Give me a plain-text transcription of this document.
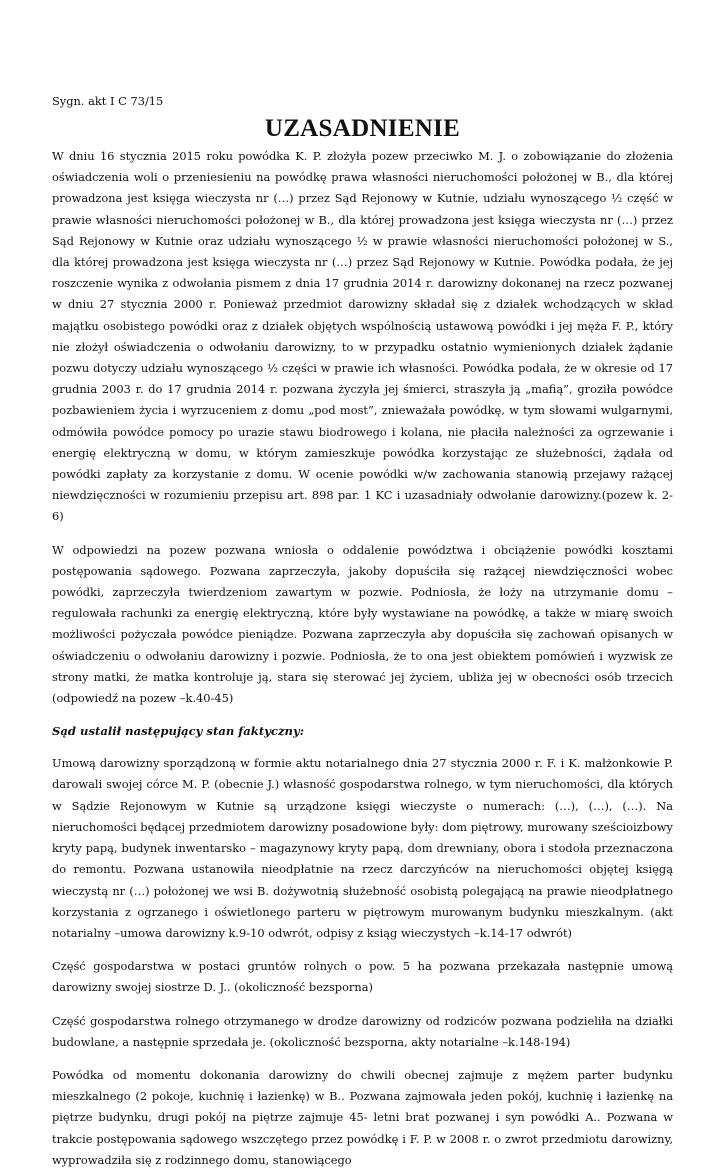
Sygn. akt I C 73/15

UZASADNIENIE

W dniu 16 stycznia 2015 roku powódka K. P. złożyła pozew przeciwko M. J. o zobowiązanie do złożenia oświadczenia woli o przeniesieniu na powódkę prawa własności nieruchomości położonej w B., dla której prowadzona jest księga wieczysta nr (…) przez Sąd Rejonowy w Kutnie, udziału wynoszącego ½ część w prawie własności nieruchomości położonej w B., dla której prowadzona jest księga wieczysta nr (…) przez Sąd Rejonowy w Kutnie oraz udziału wynoszącego ½ w prawie własności nieruchomości położonej w S., dla której prowadzona jest księga wieczysta nr (…) przez Sąd Rejonowy w Kutnie. Powódka podała, że jej roszczenie wynika z odwołania pismem z dnia 17 grudnia 2014 r. darowizny dokonanej na rzecz pozwanej w dniu 27 stycznia 2000 r. Ponieważ przedmiot darowizny składał się z działek wchodzących w skład majątku osobistego powódki oraz z działek objętych wspólnością ustawową powódki i jej męża F. P., który nie złożył oświadczenia o odwołaniu darowizny, to w przypadku ostatnio wymienionych działek żądanie pozwu dotyczy udziału wynoszącego ½ części w prawie ich własności. Powódka podała, że w okresie od 17 grudnia 2003 r. do 17 grudnia 2014 r. pozwana życzyła jej śmierci, straszyła ją „mafią”, groziła powódce pozbawieniem życia i wyrzuceniem z domu „pod most”, znieważała powódkę, w tym słowami wulgarnymi, odmówiła powódce pomocy po urazie stawu biodrowego i kolana, nie płaciła należności za ogrzewanie i energię elektryczną w domu, w którym zamieszkuje powódka korzystając ze służebności, żądała od powódki zapłaty za korzystanie z domu. W ocenie powódki w/w zachowania stanowią przejawy rażącej niewdzięczności w rozumieniu przepisu art. 898 par. 1 KC i uzasadniały odwołanie darowizny.(pozew k. 2-6)

W odpowiedzi na pozew pozwana wniosła o oddalenie powództwa i obciążenie powódki kosztami postępowania sądowego. Pozwana zaprzeczyła, jakoby dopuściła się rażącej niewdzięczności wobec powódki, zaprzeczyła twierdzeniom zawartym w pozwie. Podniosła, że łoży na utrzymanie domu – regulowała rachunki za energię elektryczną, które były wystawiane na powódkę, a także w miarę swoich możliwości pożyczała powódce pieniądze. Pozwana zaprzeczyła aby dopuściła się zachowań opisanych w oświadczeniu o odwołaniu darowizny i pozwie. Podniosła, że to ona jest obiektem pomówień i wyzwisk ze strony matki, że matka kontroluje ją, stara się sterować jej życiem, ubliża jej w obecności osób trzecich (odpowiedź na pozew –k.40-45)

Sąd ustalił następujący stan faktyczny:

Umową darowizny sporządzoną w formie aktu notarialnego dnia 27 stycznia 2000 r. F. i K. małżonkowie P. darowali swojej córce M. P. (obecnie J.) własność gospodarstwa rolnego, w tym nieruchomości, dla których w Sądzie Rejonowym w Kutnie są urządzone księgi wieczyste o numerach: (…), (…), (…). Na nieruchomości będącej przedmiotem darowizny posadowione były: dom piętrowy, murowany sześcioizbowy kryty papą, budynek inwentarsko – magazynowy kryty papą, dom drewniany, obora i stodoła przeznaczona do remontu. Pozwana ustanowiła nieodpłatnie na rzecz darczyńców na nieruchomości objętej księgą wieczystą nr (…) położonej we wsi B. dożywotnią służebność osobistą polegającą na prawie nieodpłatnego korzystania z ogrzanego i oświetlonego parteru w piętrowym murowanym budynku mieszkalnym. (akt notarialny –umowa darowizny k.9-10 odwrót, odpisy z ksiąg wieczystych –k.14-17 odwrót)

Część gospodarstwa w postaci gruntów rolnych o pow. 5 ha pozwana przekazała następnie umową darowizny swojej siostrze D. J.. (okoliczność bezsporna)

Część gospodarstwa rolnego otrzymanego w drodze darowizny od rodziców pozwana podzieliła na działki budowlane, a następnie sprzedała je. (okoliczność bezsporna, akty notarialne –k.148-194)

Powódka od momentu dokonania darowizny do chwili obecnej zajmuje z mężem parter budynku mieszkalnego (2 pokoje, kuchnię i łazienkę) w B.. Pozwana zajmowała jeden pokój, kuchnię i łazienkę na piętrze budynku, drugi pokój na piętrze zajmuje 45- letni brat pozwanej i syn powódki A.. Pozwana w trakcie postępowania sądowego wszczętego przez powódkę i F. P. w 2008 r. o zwrot przedmiotu darowizny, wyprowadziła się z rodzinnego domu, stanowiącego
